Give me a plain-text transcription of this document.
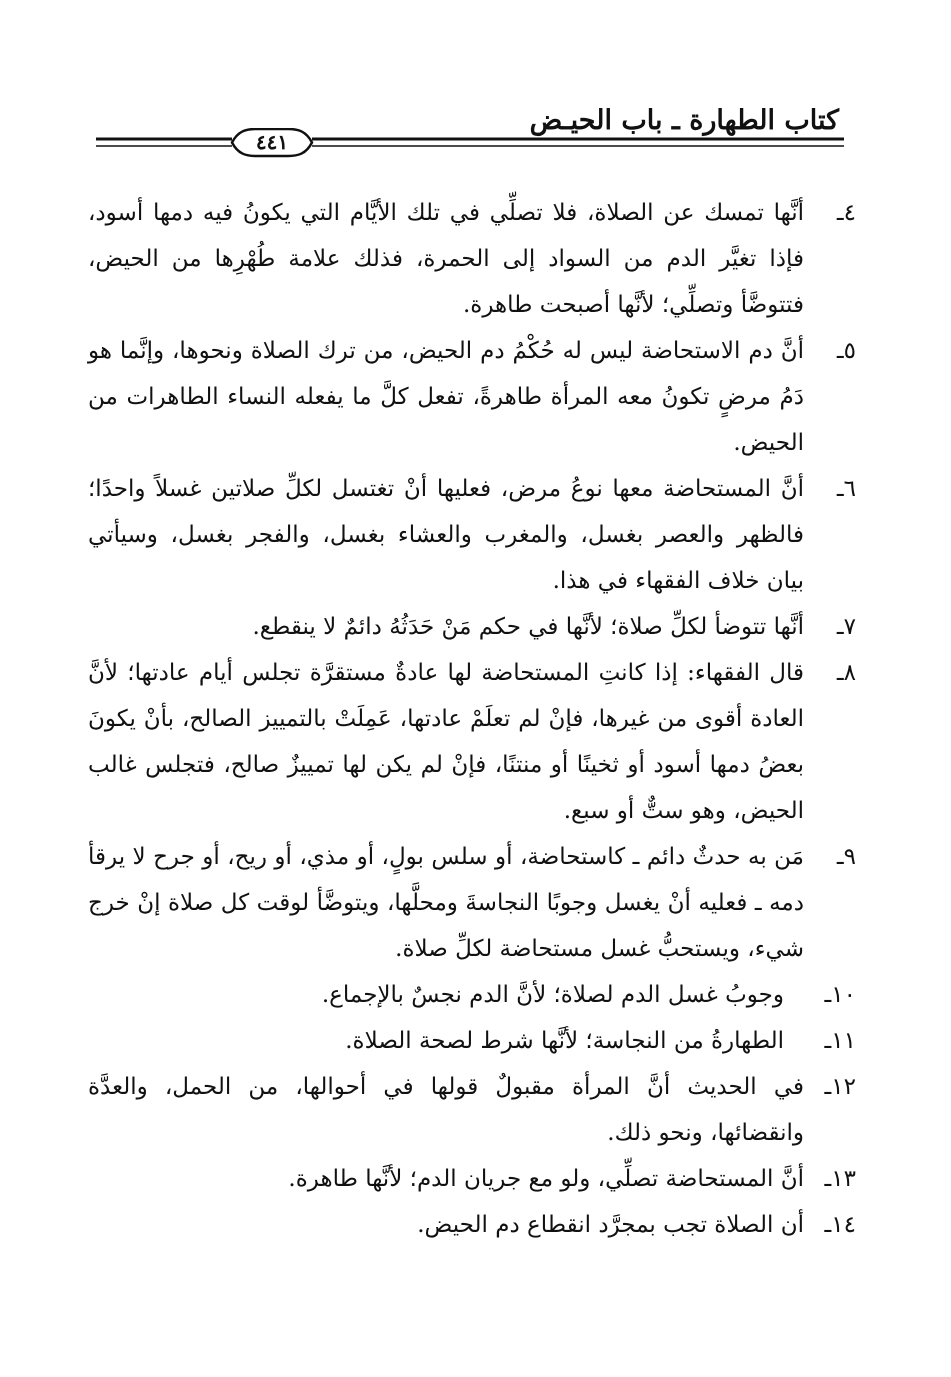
كتاب الطهارة ـ باب الحيـض
٤٤١
٤ـ
أنَّها تمسك عن الصلاة، فلا تصلِّي في تلك الأيَّام التي يكونُ فيه دمها أسود، فإذا تغيَّر الدم من السواد إلى الحمرة، فذلك علامة طُهْرِها من الحيض، فتتوضَّأ وتصلِّي؛ لأنَّها أصبحت طاهرة.
٥ـ
أنَّ دم الاستحاضة ليس له حُكْمُ دم الحيض، من ترك الصلاة ونحوها، وإنَّما هو دَمُ مرضٍ تكونُ معه المرأة طاهرةً، تفعل كلَّ ما يفعله النساء الطاهرات من الحيض.
٦ـ
أنَّ المستحاضة معها نوعُ مرض، فعليها أنْ تغتسل لكلِّ صلاتين غسلاً واحدًا؛ فالظهر والعصر بغسل، والمغرب والعشاء بغسل، والفجر بغسل، وسيأتي بيان خلاف الفقهاء في هذا.
٧ـ
أنَّها تتوضأ لكلِّ صلاة؛ لأنَّها في حكم مَنْ حَدَثُهُ دائمٌ لا ينقطع.
٨ـ
قال الفقهاء: إذا كانتِ المستحاضة لها عادةٌ مستقرَّة تجلس أيام عادتها؛ لأنَّ العادة أقوى من غيرها، فإنْ لم تعلَمْ عادتها، عَمِلَتْ بالتمييز الصالح، بأنْ يكونَ بعضُ دمها أسود أو ثخينًا أو منتنًا، فإنْ لم يكن لها تمييزٌ صالح، فتجلس غالب الحيض، وهو ستٌّ أو سبع.
٩ـ
مَن به حدثٌ دائم ـ كاستحاضة، أو سلس بولٍ، أو مذي، أو ريح، أو جرح لا يرقأ دمه ـ فعليه أنْ يغسل وجوبًا النجاسةَ ومحلَّها، ويتوضَّأ لوقت كل صلاة إنْ خرج شيء، ويستحبُّ غسل مستحاضة لكلِّ صلاة.
١٠ـ
وجوبُ غسل الدم لصلاة؛ لأنَّ الدم نجسٌ بالإجماع.
١١ـ
الطهارةُ من النجاسة؛ لأنَّها شرط لصحة الصلاة.
١٢ـ
في الحديث أنَّ المرأة مقبولٌ قولها في أحوالها، من الحمل، والعدَّة وانقضائها، ونحو ذلك.
١٣ـ
أنَّ المستحاضة تصلِّي، ولو مع جريان الدم؛ لأنَّها طاهرة.
١٤ـ
أن الصلاة تجب بمجرَّد انقطاع دم الحيض.
